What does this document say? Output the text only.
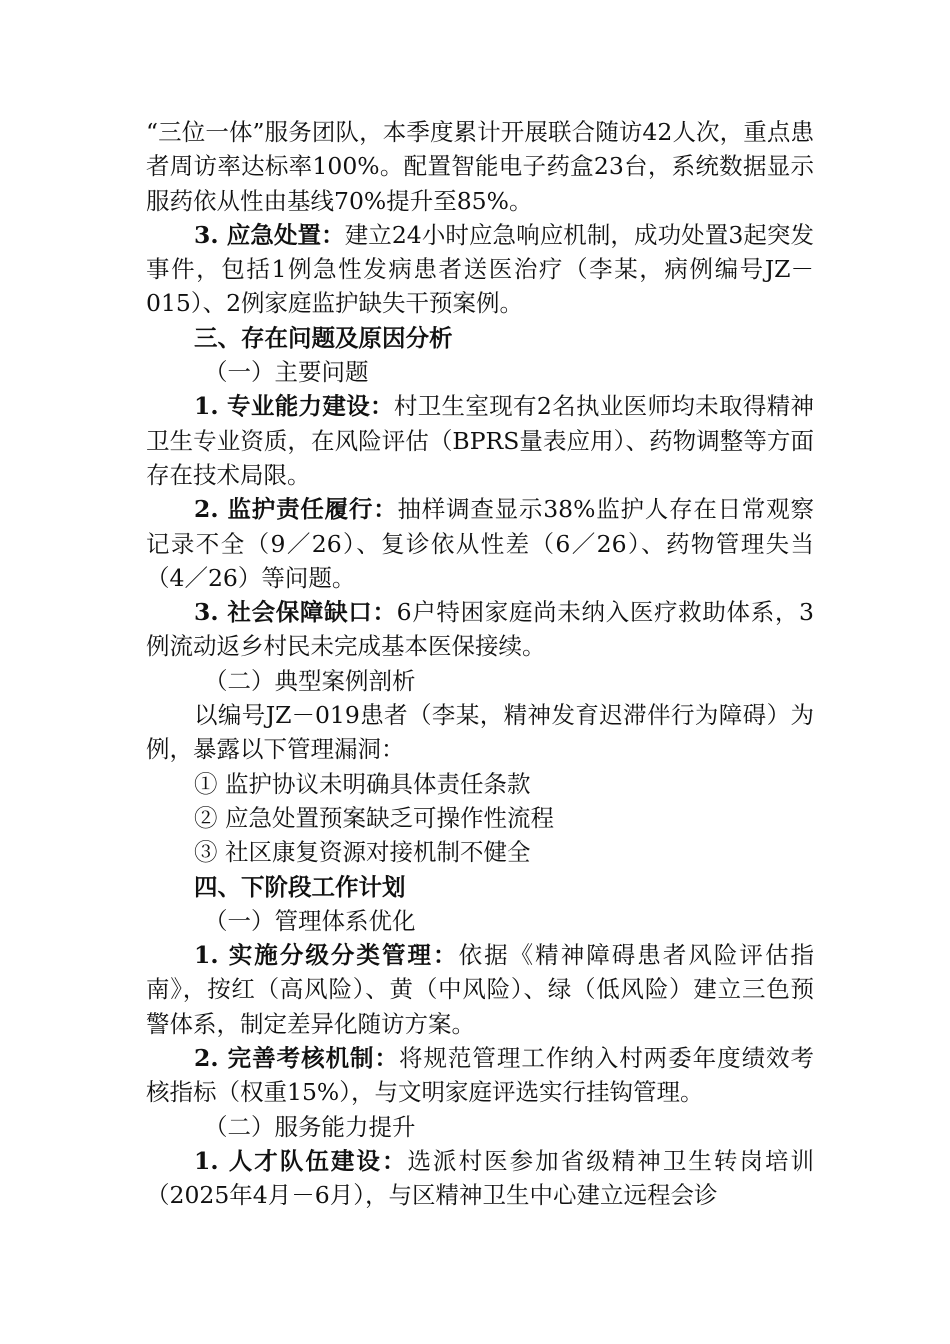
“三位一体”服务团队，本季度累计开展联合随访42人次，重点患者周访率达标率100%。配置智能电子药盒23台，系统数据显示服药依从性由基线70%提升至85%。

3. 应急处置：建立24小时应急响应机制，成功处置3起突发事件，包括1例急性发病患者送医治疗（李某，病例编号JZ－015）、2例家庭监护缺失干预案例。

三、存在问题及原因分析

（一）主要问题

1. 专业能力建设：村卫生室现有2名执业医师均未取得精神卫生专业资质，在风险评估（BPRS量表应用）、药物调整等方面存在技术局限。

2. 监护责任履行：抽样调查显示38%监护人存在日常观察记录不全（9／26）、复诊依从性差（6／26）、药物管理失当（4／26）等问题。

3. 社会保障缺口：6户特困家庭尚未纳入医疗救助体系，3例流动返乡村民未完成基本医保接续。

（二）典型案例剖析

以编号JZ－019患者（李某，精神发育迟滞伴行为障碍）为例，暴露以下管理漏洞：

① 监护协议未明确具体责任条款

② 应急处置预案缺乏可操作性流程

③ 社区康复资源对接机制不健全

四、下阶段工作计划

（一）管理体系优化

1. 实施分级分类管理：依据《精神障碍患者风险评估指南》，按红（高风险）、黄（中风险）、绿（低风险）建立三色预警体系，制定差异化随访方案。

2. 完善考核机制：将规范管理工作纳入村两委年度绩效考核指标（权重15%），与文明家庭评选实行挂钩管理。

（二）服务能力提升

1. 人才队伍建设：选派村医参加省级精神卫生转岗培训（2025年4月－6月），与区精神卫生中心建立远程会诊
